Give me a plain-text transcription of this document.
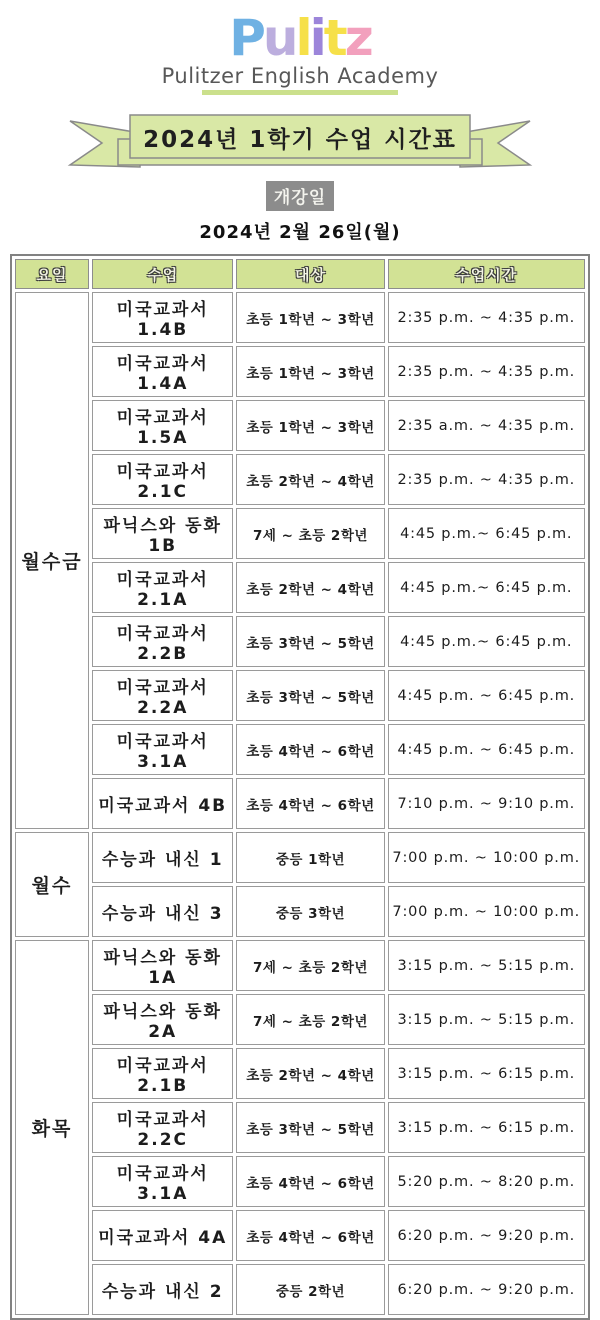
Pulitz
Pulitzer English Academy
2024년 1학기 수업 시간표
개강일
2024년 2월 26일(월)
요일	수업	대상	수업시간
월수금	미국교과서 1.4B	초등 1학년 ~ 3학년	2:35 p.m. ~ 4:35 p.m.
	미국교과서 1.4A	초등 1학년 ~ 3학년	2:35 p.m. ~ 4:35 p.m.
	미국교과서 1.5A	초등 1학년 ~ 3학년	2:35 a.m. ~ 4:35 p.m.
	미국교과서 2.1C	초등 2학년 ~ 4학년	2:35 p.m. ~ 4:35 p.m.
	파닉스와 동화 1B	7세 ~ 초등 2학년	4:45 p.m.~ 6:45 p.m.
	미국교과서 2.1A	초등 2학년 ~ 4학년	4:45 p.m.~ 6:45 p.m.
	미국교과서 2.2B	초등 3학년 ~ 5학년	4:45 p.m.~ 6:45 p.m.
	미국교과서 2.2A	초등 3학년 ~ 5학년	4:45 p.m. ~ 6:45 p.m.
	미국교과서 3.1A	초등 4학년 ~ 6학년	4:45 p.m. ~ 6:45 p.m.
	미국교과서 4B	초등 4학년 ~ 6학년	7:10 p.m. ~ 9:10 p.m.
월수	수능과 내신 1	중등 1학년	7:00 p.m. ~ 10:00 p.m.
	수능과 내신 3	중등 3학년	7:00 p.m. ~ 10:00 p.m.
화목	파닉스와 동화 1A	7세 ~ 초등 2학년	3:15 p.m. ~ 5:15 p.m.
	파닉스와 동화 2A	7세 ~ 초등 2학년	3:15 p.m. ~ 5:15 p.m.
	미국교과서 2.1B	초등 2학년 ~ 4학년	3:15 p.m. ~ 6:15 p.m.
	미국교과서 2.2C	초등 3학년 ~ 5학년	3:15 p.m. ~ 6:15 p.m.
	미국교과서 3.1A	초등 4학년 ~ 6학년	5:20 p.m. ~ 8:20 p.m.
	미국교과서 4A	초등 4학년 ~ 6학년	6:20 p.m. ~ 9:20 p.m.
	수능과 내신 2	중등 2학년	6:20 p.m. ~ 9:20 p.m.
